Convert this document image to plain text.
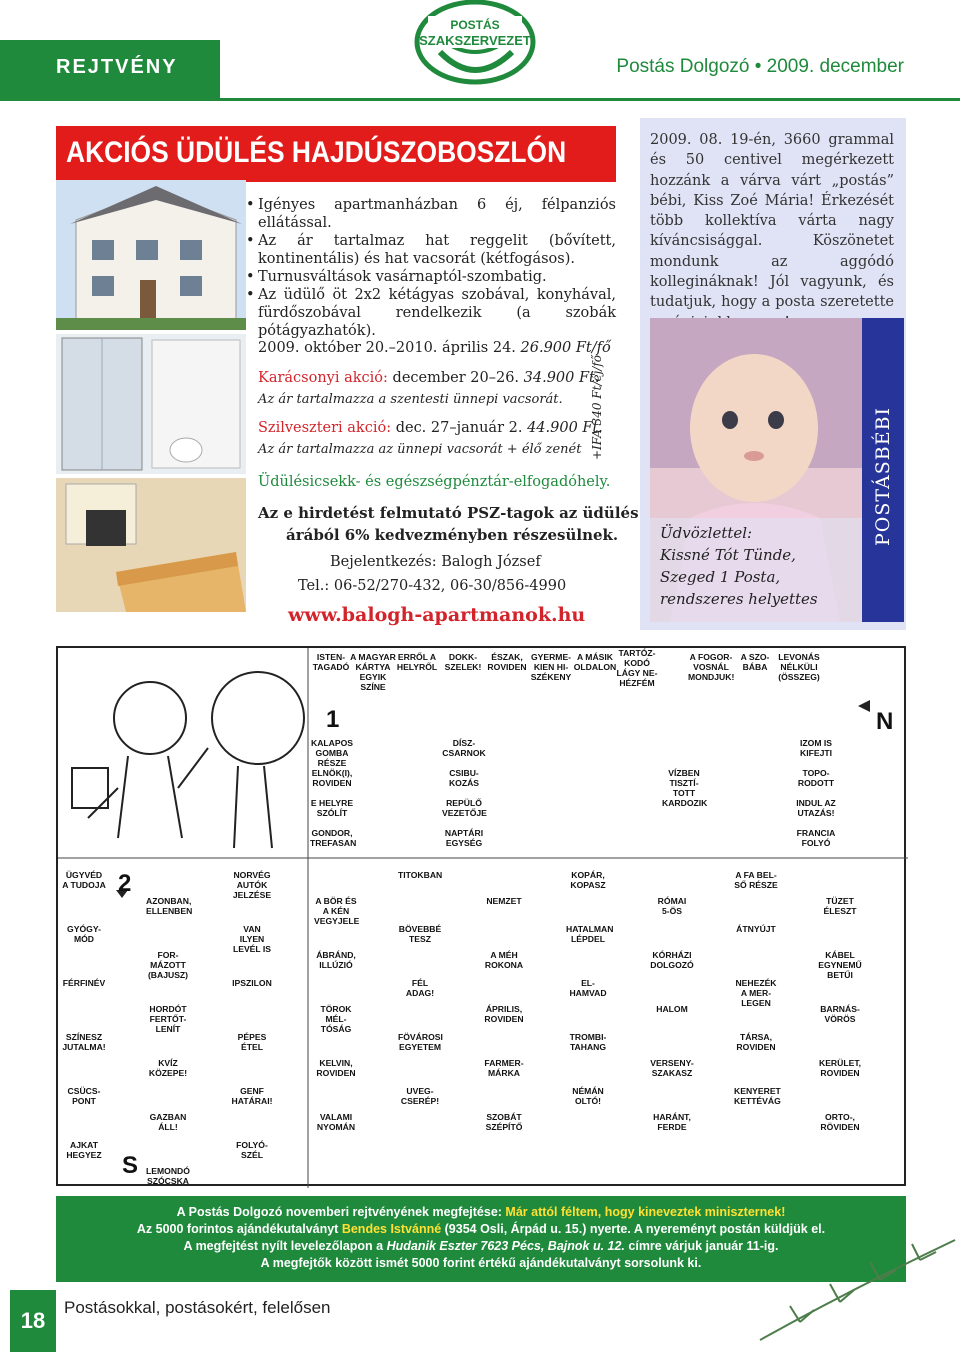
REJTVÉNY
POSTÁS
SZAKSZERVEZET
Postás Dolgozó • 2009. december
AKCIÓS ÜDÜLÉS HAJDÚSZOBOSZLÓN
• Igényes apartmanházban 6 éj, félpanziós ellátással.
• Az ár tartalmaz hat reggelit (bővített, kontinentális) és hat vacsorát (kétfogásos).
• Turnusváltások vasárnaptól-szombatig.
• Az üdülő öt 2x2 kétágyas szobával, konyhával, fürdőszobával rendelkezik (a szobák pótágyazhatók).
2009. október 20.–2010. április 24. 26.900 Ft/fő
Karácsonyi akció: december 20–26. 34.900 Ft.
Az ár tartalmazza a szentesti ünnepi vacsorát.
Szilveszteri akció: dec. 27–január 2. 44.900 Ft.
Az ár tartalmazza az ünnepi vacsorát + élő zenét
Üdülésicsekk- és egészségpénztár-elfogadóhely.
Az e hirdetést felmutató PSZ-tagok az üdülés
árából 6% kedvezményben részesülnek.
Bejelentkezés: Balogh József
Tel.: 06-52/270-432, 06-30/856-4990
www.balogh-apartmanok.hu
+IFA 340 Ft/éj/fő
2009. 08. 19-én, 3660 grammal és 50 centivel megérkezett hozzánk a várva várt „postás” bébi, Kiss Zoé Mária! Érkezését több kollektíva várta nagy kíváncsisággal. Köszönetet mondunk az aggódó kollegináknak! Jól vagyunk, és tudatjuk, hogy a posta szeretette
Üdvözlettel:
Kissné Tót Tünde,
Szeged 1 Posta,
rendszeres helyettes
POSTÁSBÉBI
1
2
N
S
ISTEN-
TAGADÓ
A MAGYAR
KÁRTYA
EGYIK
SZÍNE
ERRŐL A
HELYRŐL
DOKK-
SZELEK!
ÉSZAK,
ROVIDEN
GYERME-
KIEN HI-
SZÉKENY
A MÁSIK
OLDALON
TARTÓZ-
KODÓ
LÁGY NE-
HÉZFÉM
A FOGOR-
VOSNÁL
MONDJUK!
A SZO-
BÁBA
LEVONÁS
NÉLKÜLI
(ÖSSZEG)
KALAPOS
GOMBA
RÉSZE
ELNÖK(I),
ROVIDEN
E HELYRE
SZÓLÍT
GONDOR,
TREFASAN
DÍSZ-
CSARNOK
CSIBU-
KOZÁS
REPÜLŐ
VEZETŐJE
NAPTÁRI
EGYSÉG
VÍZBEN
TISZTÍ-
TOTT
KARDOZIK
IZOM IS
KIFEJTI
TOPO-
RODOTT
INDUL AZ
UTAZÁS!
FRANCIA
FOLYÓ
ÜGYVÉD
A TUDOJA
AZONBAN,
ELLENBEN
NORVÉG
AUTÓK
JELZÉSE
A BÖR ÉS
A KÉN
VEGYJELE
TITOKBAN
NEMZET
KOPÁR,
KOPASZ
RÓMAI
5-ÖS
A FA BEL-
SŐ RÉSZE
TÜZET
ÉLESZT
GYÓGY-
MÓD
FOR-
MÁZOTT
(BAJUSZ)
VAN ILYEN
LEVÉL IS
ÁBRÁND,
ILLÚZIÓ
BÖVEBBÉ
TESZ
A MÉH
ROKONA
HATALMAN
LÉPDEL
KÓRHÁZI
DOLGOZÓ
ÁTNYÚJT
KÁBEL
EGYNEMŰ
BETŰI
FÉRFINÉV
HORDÓT
FERTŐT-
LENÍT
IPSZILON
TÖROK
MÉL-
TÓSÁG
FÉL
ADAG!
ÁPRILIS,
ROVIDEN
EL-
HAMVAD
HALOM
NEHEZÉK
A MER-
LEGEN
BARNÁS-
VÖRÖS
SZÍNESZ
JUTALMA!
KVÍZ
KÖZEPE!
PÉPES
ÉTEL
KELVIN,
ROVIDEN
FÖVÁROSI
EGYETEM
FARMER-
MÁRKA
TROMBI-
TAHANG
VERSENY-
SZAKASZ
TÁRSA,
ROVIDEN
KERÜLET,
ROVIDEN
CSÜCS-
PONT
GAZBAN
ÁLL!
GENF
HATÁRAI!
VALAMI
NYOMÁN
UVEG-
CSERÉP!
SZOBÁT
SZÉPÍTŐ
NÉMÁN
OLTÓ!
HARÁNT,
FERDE
KENYERET
KETTÉVÁG
ORTO-,
RÖVIDEN
AJKAT
HEGYEZ
LEMONDÓ
SZÓCSKA
FOLYÓ-
SZÉL
A Postás Dolgozó novemberi rejtvényének megfejtése: Már attól féltem, hogy kineveztek miniszternek!
Az 5000 forintos ajándékutalványt Bendes Istvánné (9354 Osli, Árpád u. 15.) nyerte. A nyereményt postán küldjük el.
A megfejtést nyílt levelezőlapon a Hudanik Eszter 7623 Pécs, Bajnok u. 12. címre várjuk január 11-ig.
A megfejtők között ismét 5000 forint értékű ajándékutalványt sorsolunk ki.
18
Postásokkal, postásokért, felelősen
